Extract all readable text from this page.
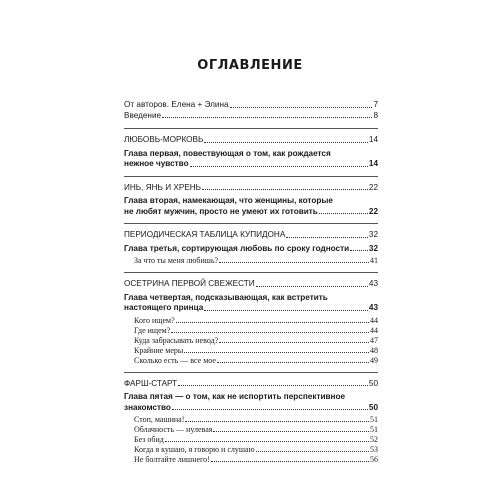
ОГЛАВЛЕНИЕ
От авторов. Елена + Элина	7
Введение	8
ЛЮБОВЬ-МОРКОВЬ	14
Глава первая, повествующая о том, как рождается
нежное чувство	14
ИНЬ, ЯНЬ И ХРЕНЬ	22
Глава вторая, намекающая, что женщины, которые
не любят мужчин, просто не умеют их готовить	22
ПЕРИОДИЧЕСКАЯ ТАБЛИЦА КУПИДОНА	32
Глава третья, сортирующая любовь по сроку годности 32
За что ты меня любишь?	41
ОСЕТРИНА ПЕРВОЙ СВЕЖЕСТИ	43
Глава четвертая, подсказывающая, как встретить
настоящего принца	43
Кого ищем?	44
Где ищем?	44
Куда забрасывать невод?	47
Крайние меры	48
Сколько есть — все мое	49
ФАРШ-СТАРТ	50
Глава пятая — о том, как не испортить перспективное
знакомство	50
Стоп, машина!	51
Облачность — нулевая	51
Без обид	52
Когда я кушаю, я говорю и слушаю	53
Не болтайте лишнего!	56
